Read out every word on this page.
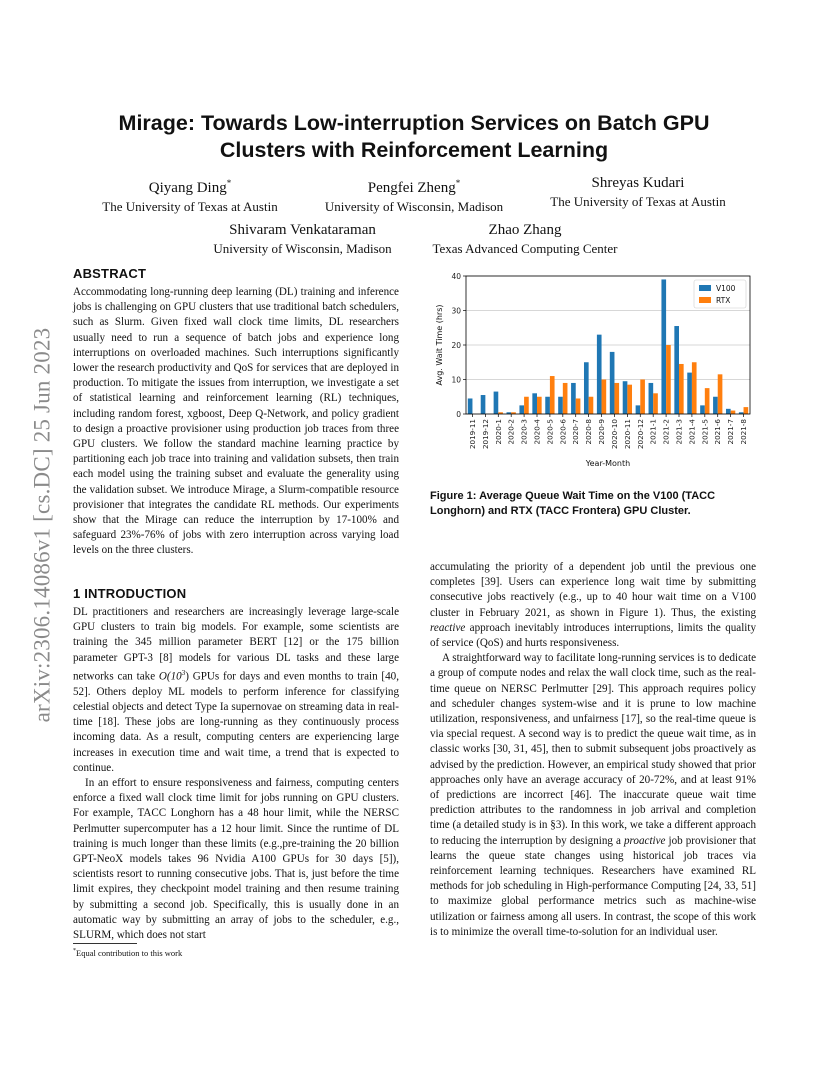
arXiv:2306.14086v1 [cs.DC] 25 Jun 2023
Mirage: Towards Low-interruption Services on Batch GPU
Clusters with Reinforcement Learning
Qiyang Ding*
The University of Texas at Austin
Pengfei Zheng*
University of Wisconsin, Madison
Shreyas Kudari
The University of Texas at Austin
Shivaram Venkataraman
University of Wisconsin, Madison
Zhao Zhang
Texas Advanced Computing Center
ABSTRACT

Accommodating long-running deep learning (DL) training and inference jobs is challenging on GPU clusters that use traditional batch schedulers, such as Slurm. Given fixed wall clock time limits, DL researchers usually need to run a sequence of batch jobs and experience long interruptions on overloaded machines. Such interruptions significantly lower the research productivity and QoS for services that are deployed in production. To mitigate the issues from interruption, we investigate a set of statistical learning and reinforcement learning (RL) techniques, including random forest, xgboost, Deep Q-Network, and policy gradient to design a proactive provisioner using production job traces from three GPU clusters. We follow the standard machine learning practice by partitioning each job trace into training and validation subsets, then train each model using the training subset and evaluate the generality using the validation subset. We introduce Mirage, a Slurm-compatible resource provisioner that integrates the candidate RL methods. Our experiments show that the Mirage can reduce the interruption by 17-100% and safeguard 23%-76% of jobs with zero interruption across varying load levels on the three clusters.

1 INTRODUCTION

DL practitioners and researchers are increasingly leverage large-scale GPU clusters to train big models. For example, some scientists are training the 345 million parameter BERT [12] or the 175 billion parameter GPT-3 [8] models for various DL tasks and these large networks can take $O(10^3)$ GPUs for days and even months to train [40, 52]. Others deploy ML models to perform inference for classifying celestial objects and detect Type Ia supernovae on streaming data in real-time [18]. These jobs are long-running as they continuously process incoming data. As a result, computing centers are experiencing large increases in execution time and wait time, a trend that is expected to continue.

In an effort to ensure responsiveness and fairness, computing centers enforce a fixed wall clock time limit for jobs running on GPU clusters. For example, TACC Longhorn has a 48 hour limit, while the NERSC Perlmutter supercomputer has a 12 hour limit. Since the runtime of DL training is much longer than these limits (e.g.,pre-training the 20 billion GPT-NeoX models takes 96 Nvidia A100 GPUs for 30 days [5]), scientists resort to running consecutive jobs. That is, just before the time limit expires, they checkpoint model training and then resume training by submitting a second job. Specifically, this is usually done in an automatic way by submitting an array of jobs to the scheduler, e.g., SLURM, which does not start

*Equal contribution to this work
0
10
20
30
40
2019-11 2019-12 2020-1 2020-2 2020-3 2020-4 2020-5 2020-6 2020-7 2020-8 2020-9 2020-10 2020-11 2020-12 2021-1 2021-2 2021-3 2021-4 2021-5 2021-6 2021-7 2021-8
Year-Month
Avg. Wait Time (hrs)
V100
RTX
Figure 1: Average Queue Wait Time on the V100 (TACC Longhorn) and RTX (TACC Frontera) GPU Cluster.

accumulating the priority of a dependent job until the previous one completes [39]. Users can experience long wait time by submitting consecutive jobs reactively (e.g., up to 40 hour wait time on a V100 cluster in February 2021, as shown in Figure 1). Thus, the existing reactive approach inevitably introduces interruptions, limits the quality of service (QoS) and hurts responsiveness.

A straightforward way to facilitate long-running services is to dedicate a group of compute nodes and relax the wall clock time, such as the real-time queue on NERSC Perlmutter [29]. This approach requires policy and scheduler changes system-wise and it is prune to low machine utilization, responsiveness, and unfairness [17], so the real-time queue is via special request. A second way is to predict the queue wait time, as in classic works [30, 31, 45], then to submit subsequent jobs proactively as advised by the prediction. However, an empirical study showed that prior approaches only have an average accuracy of 20-72%, and at least 91% of predictions are incorrect [46]. The inaccurate queue wait time prediction attributes to the randomness in job arrival and completion time (a detailed study is in §3). In this work, we take a different approach to reducing the interruption by designing a proactive job provisioner that learns the queue state changes using historical job traces via reinforcement learning techniques. Researchers have examined RL methods for job scheduling in High-performance Computing [24, 33, 51] to maximize global performance metrics such as machine-wise utilization or fairness among all users. In contrast, the scope of this work is to minimize the overall time-to-solution for an individual user.
